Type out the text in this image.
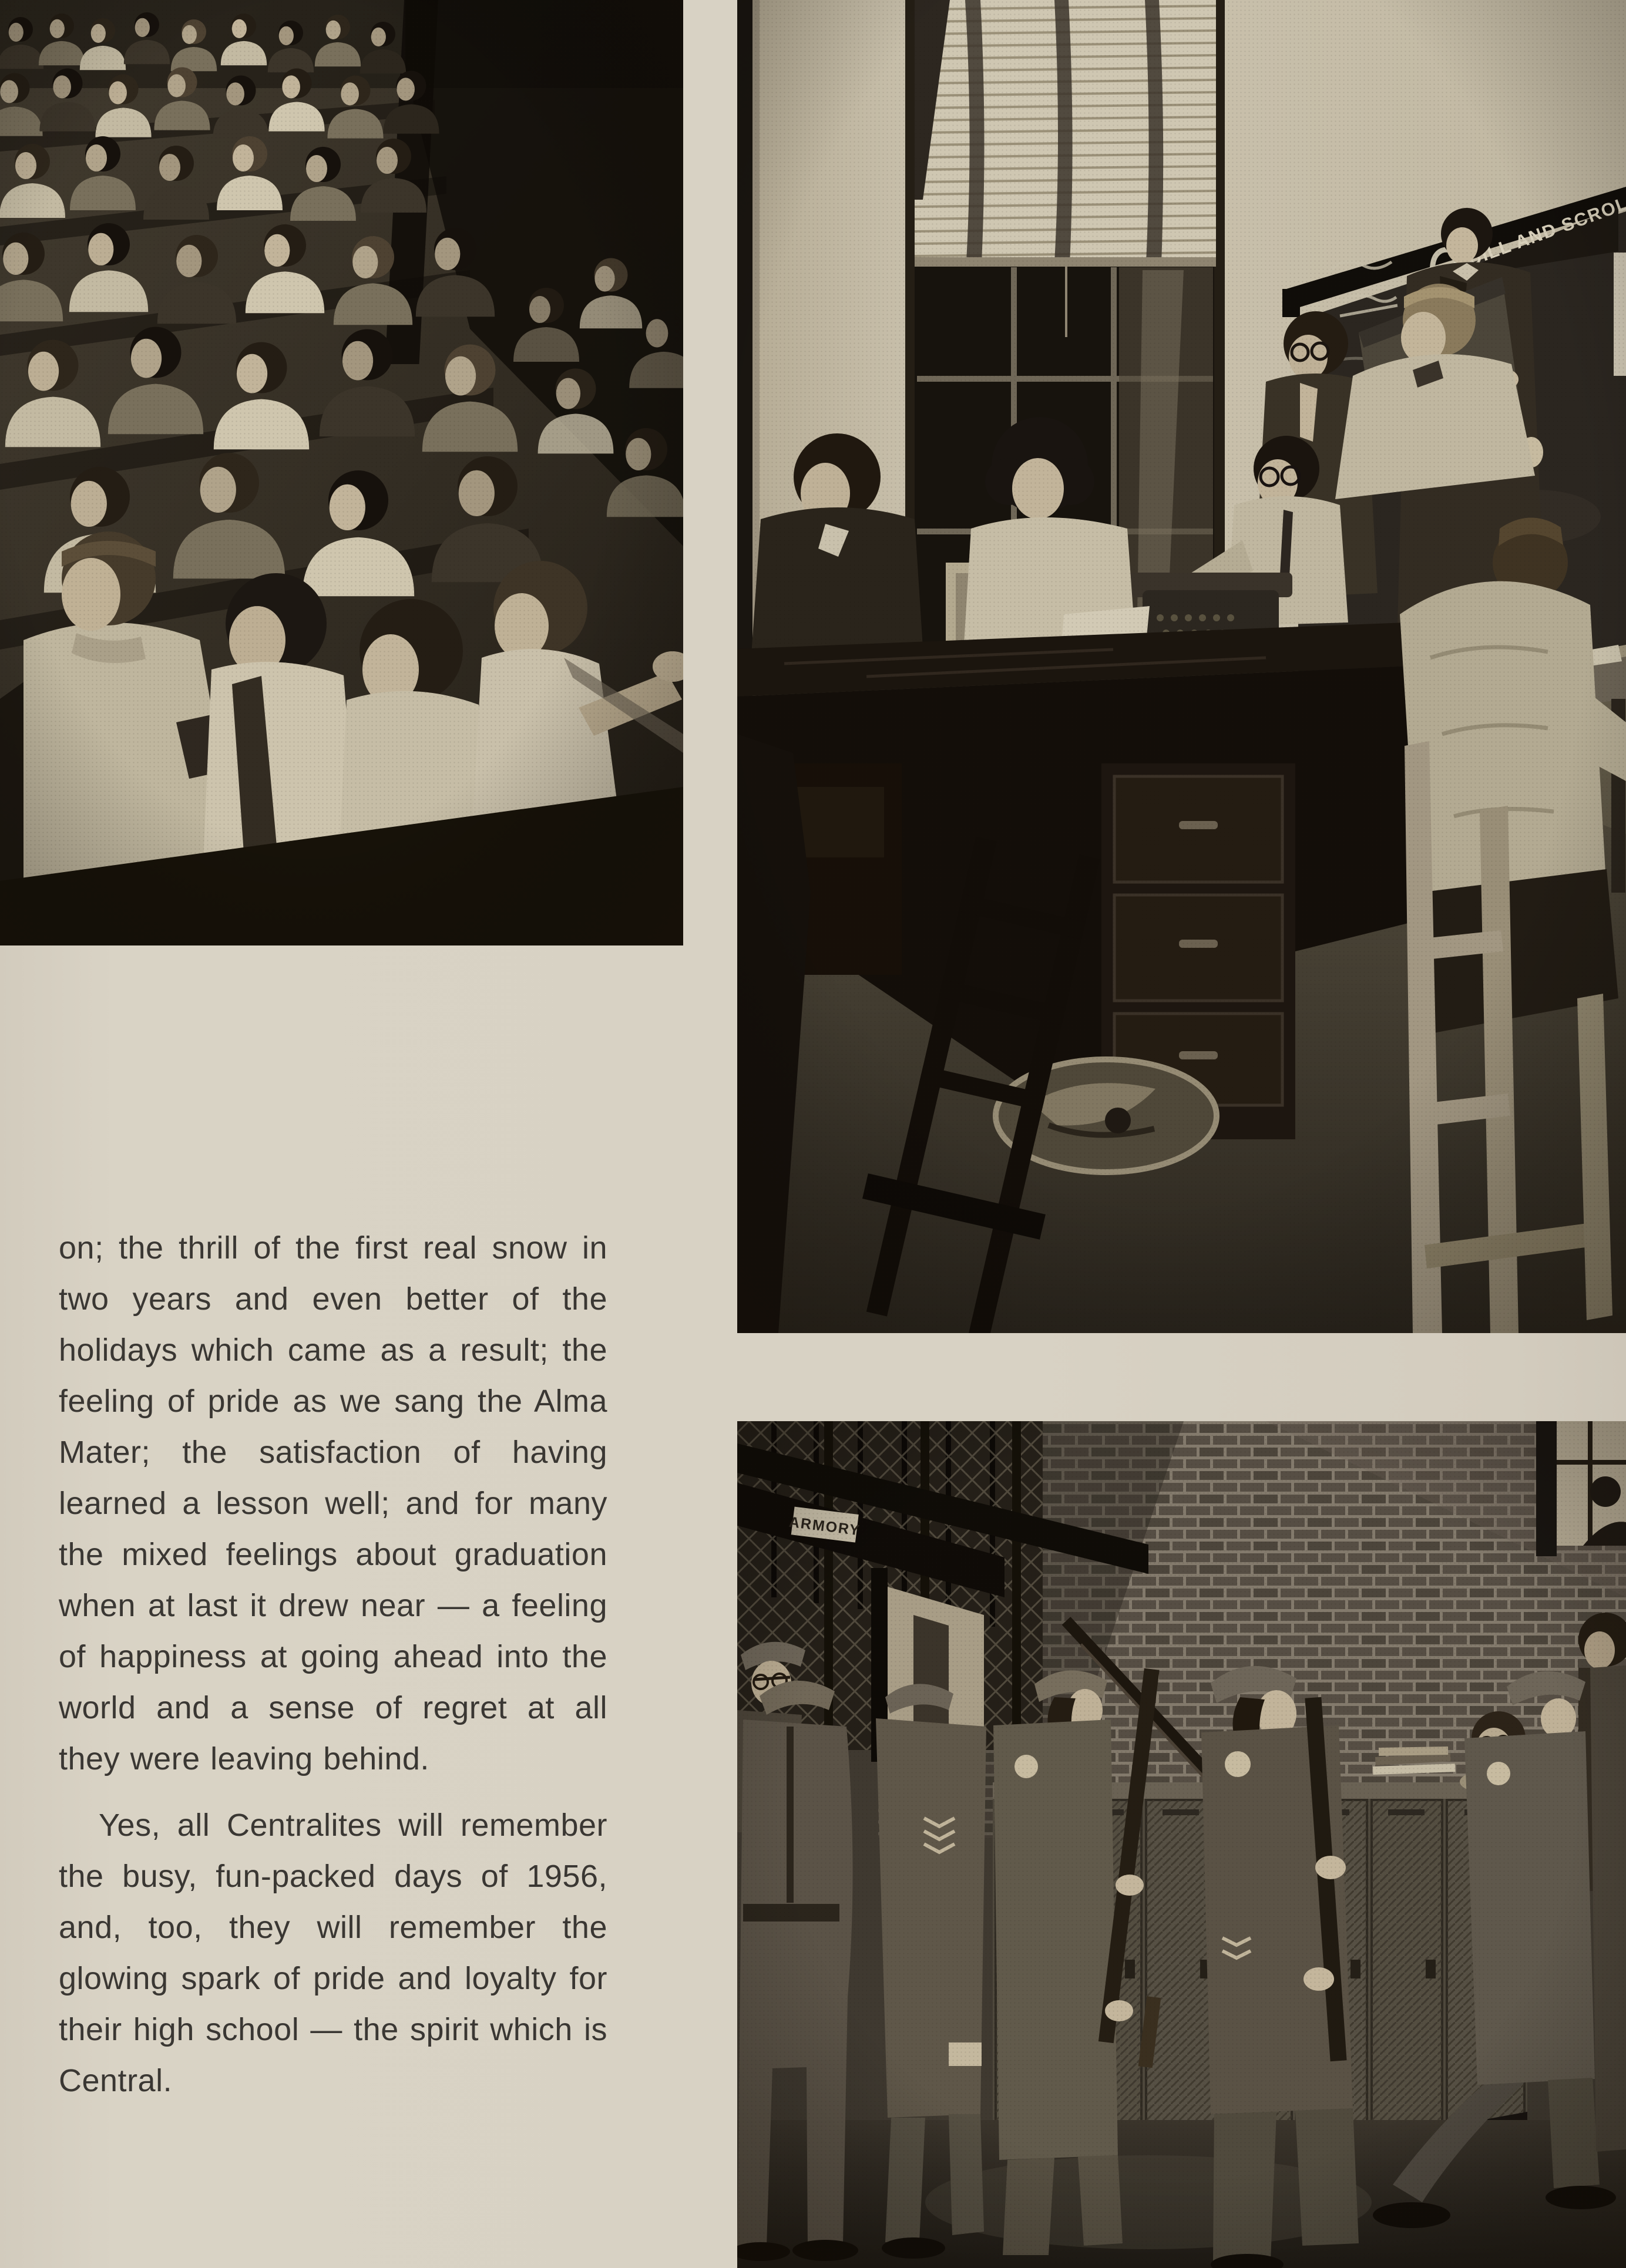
on; the thrill of the first real snow in two years and even better of the holidays which came as a result; the feeling of pride as we sang the Alma Mater; the satisfaction of having learned a lesson well; and for many the mixed feelings about graduation when at last it drew near — a feeling of happiness at going ahead into the world and a sense of regret at all they were leaving behind.

Yes, all Centralites will remember the busy, fun-packed days of 1956, and, too, they will remember the glowing spark of pride and loyalty for their high school — the spirit which is Central.
